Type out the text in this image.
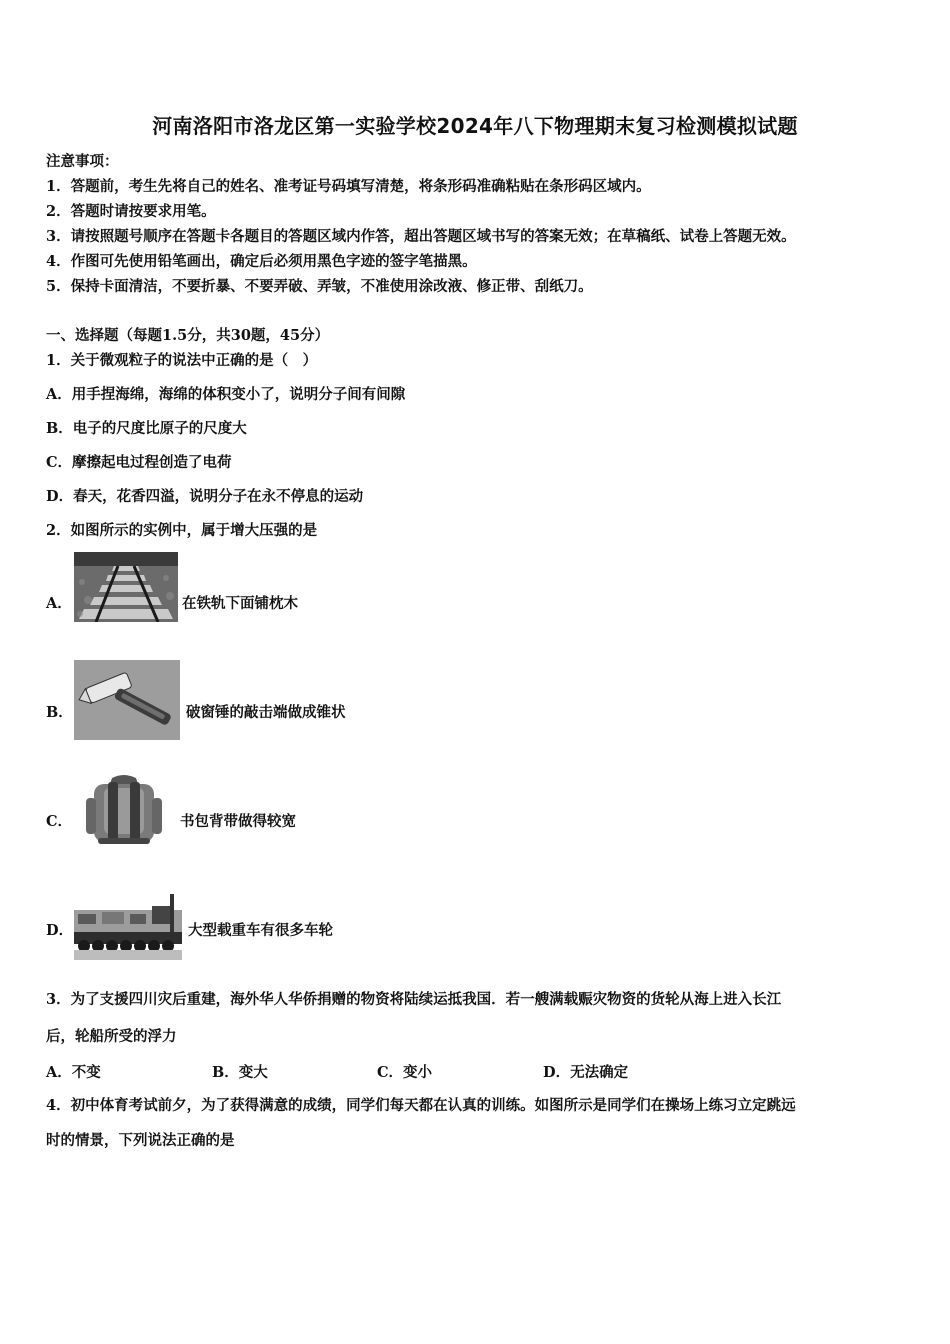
河南洛阳市洛龙区第一实验学校2024年八下物理期末复习检测模拟试题
注意事项：
1．答题前，考生先将自己的姓名、准考证号码填写清楚，将条形码准确粘贴在条形码区域内。
2．答题时请按要求用笔。
3．请按照题号顺序在答题卡各题目的答题区域内作答，超出答题区域书写的答案无效；在草稿纸、试卷上答题无效。
4．作图可先使用铅笔画出，确定后必须用黑色字迹的签字笔描黑。
5．保持卡面清洁，不要折暴、不要弄破、弄皱，不准使用涂改液、修正带、刮纸刀。
一、选择题（每题1.5分，共30题，45分）
1．关于微观粒子的说法中正确的是（　）
A．用手捏海绵，海绵的体积变小了，说明分子间有间隙
B．电子的尺度比原子的尺度大
C．摩擦起电过程创造了电荷
D．春天，花香四溢，说明分子在永不停息的运动
2．如图所示的实例中，属于增大压强的是
A．	在铁轨下面铺枕木
B．	破窗锤的敲击端做成锥状
C．	书包背带做得较宽
D．	大型载重车有很多车轮
3．为了支援四川灾后重建，海外华人华侨捐赠的物资将陆续运抵我国．若一艘满载赈灾物资的货轮从海上进入长江
后，轮船所受的浮力
A．不变	B．变大	C．变小	D．无法确定
4．初中体育考试前夕，为了获得满意的成绩，同学们每天都在认真的训练。如图所示是同学们在操场上练习立定跳远
时的情景，下列说法正确的是
